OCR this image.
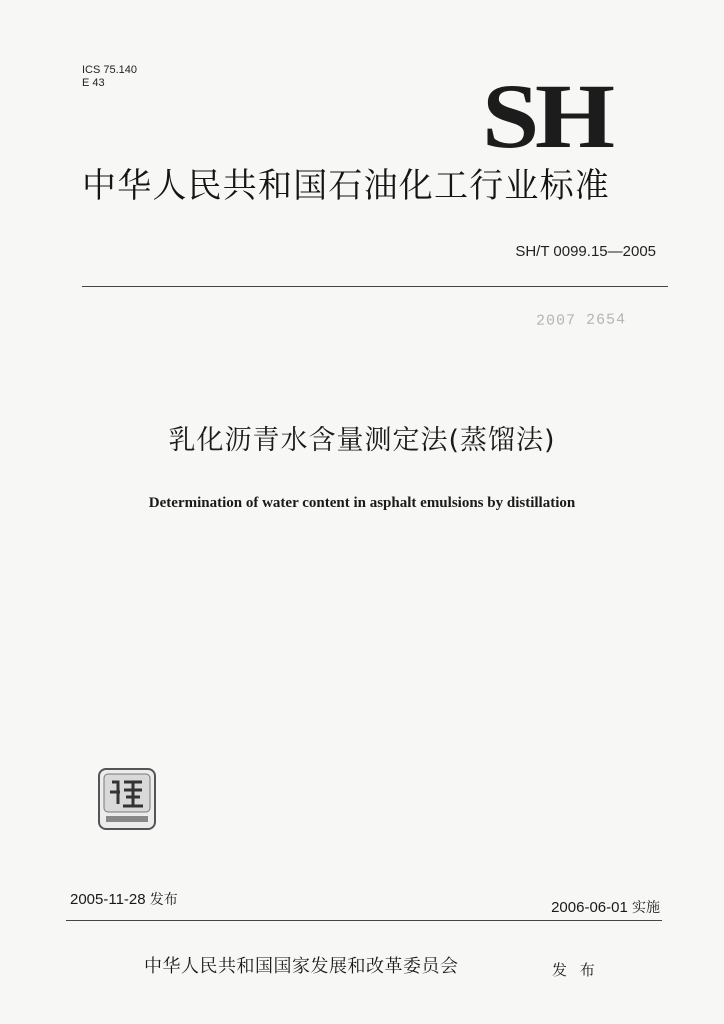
ICS 75.140
E 43	SH
中华人民共和国石油化工行业标准
SH/T 0099.15—2005
2007 2654
乳化沥青水含量测定法(蒸馏法)
Determination of water content in asphalt emulsions by distillation
2005-11-28 发布	2006-06-01 实施
中华人民共和国国家发展和改革委员会	发 布
